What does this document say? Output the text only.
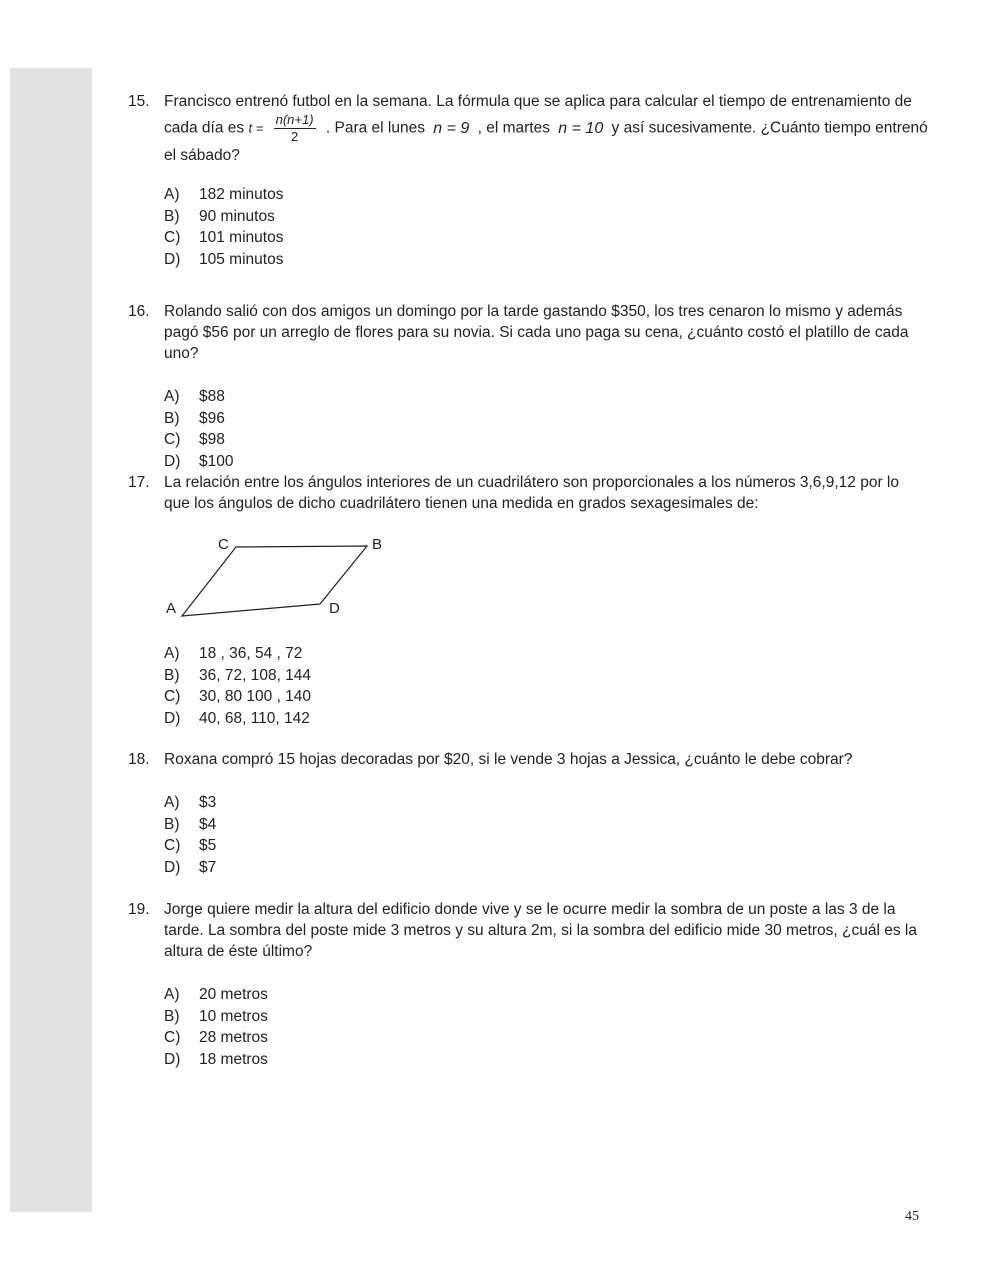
15. Francisco entrenó futbol en la semana. La fórmula que se aplica para calcular el tiempo de entrenamiento de cada día es $t = \frac{n(n+1)}{2}$ . Para el lunes n = 9 , el martes n = 10 y así sucesivamente. ¿Cuánto tiempo entrenó el sábado?
A) 182 minutos
B) 90 minutos
C) 101 minutos
D) 105 minutos
16. Rolando salió con dos amigos un domingo por la tarde gastando $350, los tres cenaron lo mismo y además pagó $56 por un arreglo de flores para su novia. Si cada uno paga su cena, ¿cuánto costó el platillo de cada uno?
A) $88
B) $96
C) $98
D) $100
17. La relación entre los ángulos interiores de un cuadrilátero son proporcionales a los números 3,6,9,12 por lo que los ángulos de dicho cuadrilátero tienen una medida en grados sexagesimales de:
C	B
A	D
A) 18 , 36, 54 , 72
B) 36, 72, 108, 144
C) 30, 80 100 , 140
D) 40, 68, 110, 142
18. Roxana compró 15 hojas decoradas por $20, si le vende 3 hojas a Jessica, ¿cuánto le debe cobrar?
A) $3
B) $4
C) $5
D) $7
19. Jorge quiere medir la altura del edificio donde vive y se le ocurre medir la sombra de un poste a las 3 de la tarde. La sombra del poste mide 3 metros y su altura 2m, si la sombra del edificio mide 30 metros, ¿cuál es la altura de éste último?
A) 20 metros
B) 10 metros
C) 28 metros
D) 18 metros
45
